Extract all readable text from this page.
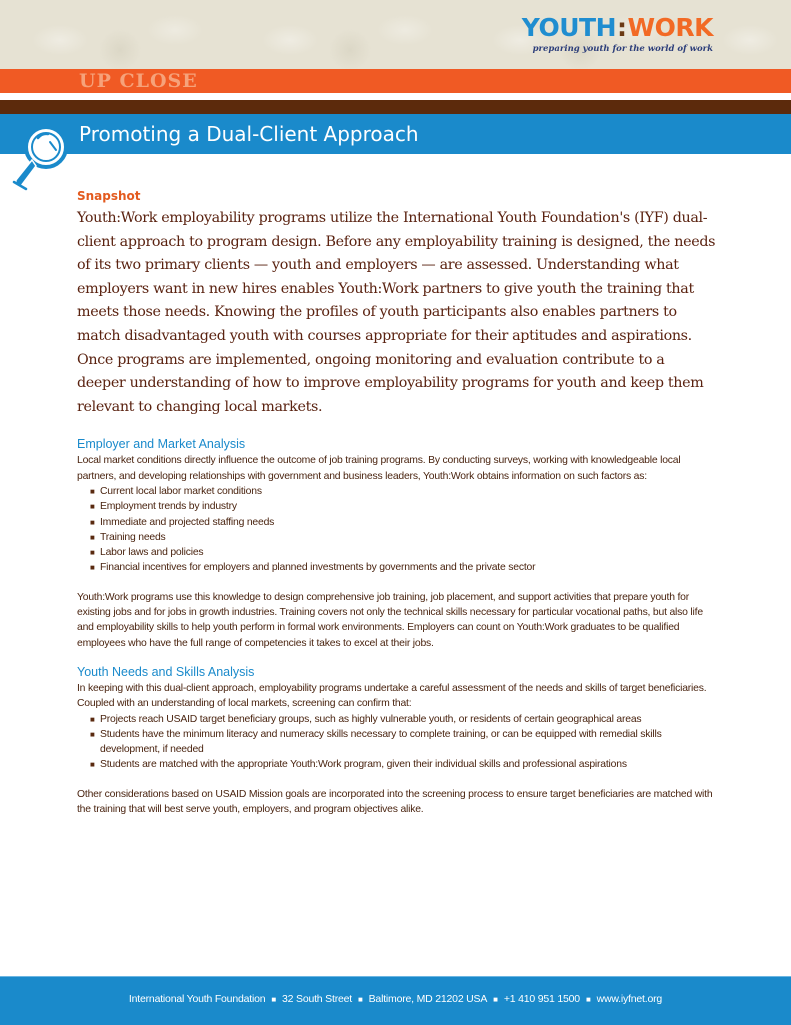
YOUTH:WORK
preparing youth for the world of work
UP CLOSE
Promoting a Dual-Client Approach
Snapshot

Youth:Work employability programs utilize the International Youth Foundation's (IYF) dual-client approach to program design. Before any employability training is designed, the needs of its two primary clients — youth and employers — are assessed. Understanding what employers want in new hires enables Youth:Work partners to give youth the training that meets those needs. Knowing the profiles of youth participants also enables partners to match disadvantaged youth with courses appropriate for their aptitudes and aspirations. Once programs are implemented, ongoing monitoring and evaluation contribute to a deeper understanding of how to improve employability programs for youth and keep them relevant to changing local markets.

Employer and Market Analysis

Local market conditions directly influence the outcome of job training programs. By conducting surveys, working with knowledgeable local partners, and developing relationships with government and business leaders, Youth:Work obtains information on such factors as:

■ Current local labor market conditions
■ Employment trends by industry
■ Immediate and projected staffing needs
■ Training needs
■ Labor laws and policies
■ Financial incentives for employers and planned investments by governments and the private sector

Youth:Work programs use this knowledge to design comprehensive job training, job placement, and support activities that prepare youth for existing jobs and for jobs in growth industries. Training covers not only the technical skills necessary for particular vocational paths, but also life and employability skills to help youth perform in formal work environments. Employers can count on Youth:Work graduates to be qualified employees who have the full range of competencies it takes to excel at their jobs.

Youth Needs and Skills Analysis

In keeping with this dual-client approach, employability programs undertake a careful assessment of the needs and skills of target beneficiaries. Coupled with an understanding of local markets, screening can confirm that:

■ Projects reach USAID target beneficiary groups, such as highly vulnerable youth, or residents of certain geographical areas
■ Students have the minimum literacy and numeracy skills necessary to complete training, or can be equipped with remedial skills development, if needed
■ Students are matched with the appropriate Youth:Work program, given their individual skills and professional aspirations

Other considerations based on USAID Mission goals are incorporated into the screening process to ensure target beneficiaries are matched with the training that will best serve youth, employers, and program objectives alike.

International Youth Foundation ■ 32 South Street ■ Baltimore, MD 21202 USA ■ +1 410 951 1500 ■ www.iyfnet.org
